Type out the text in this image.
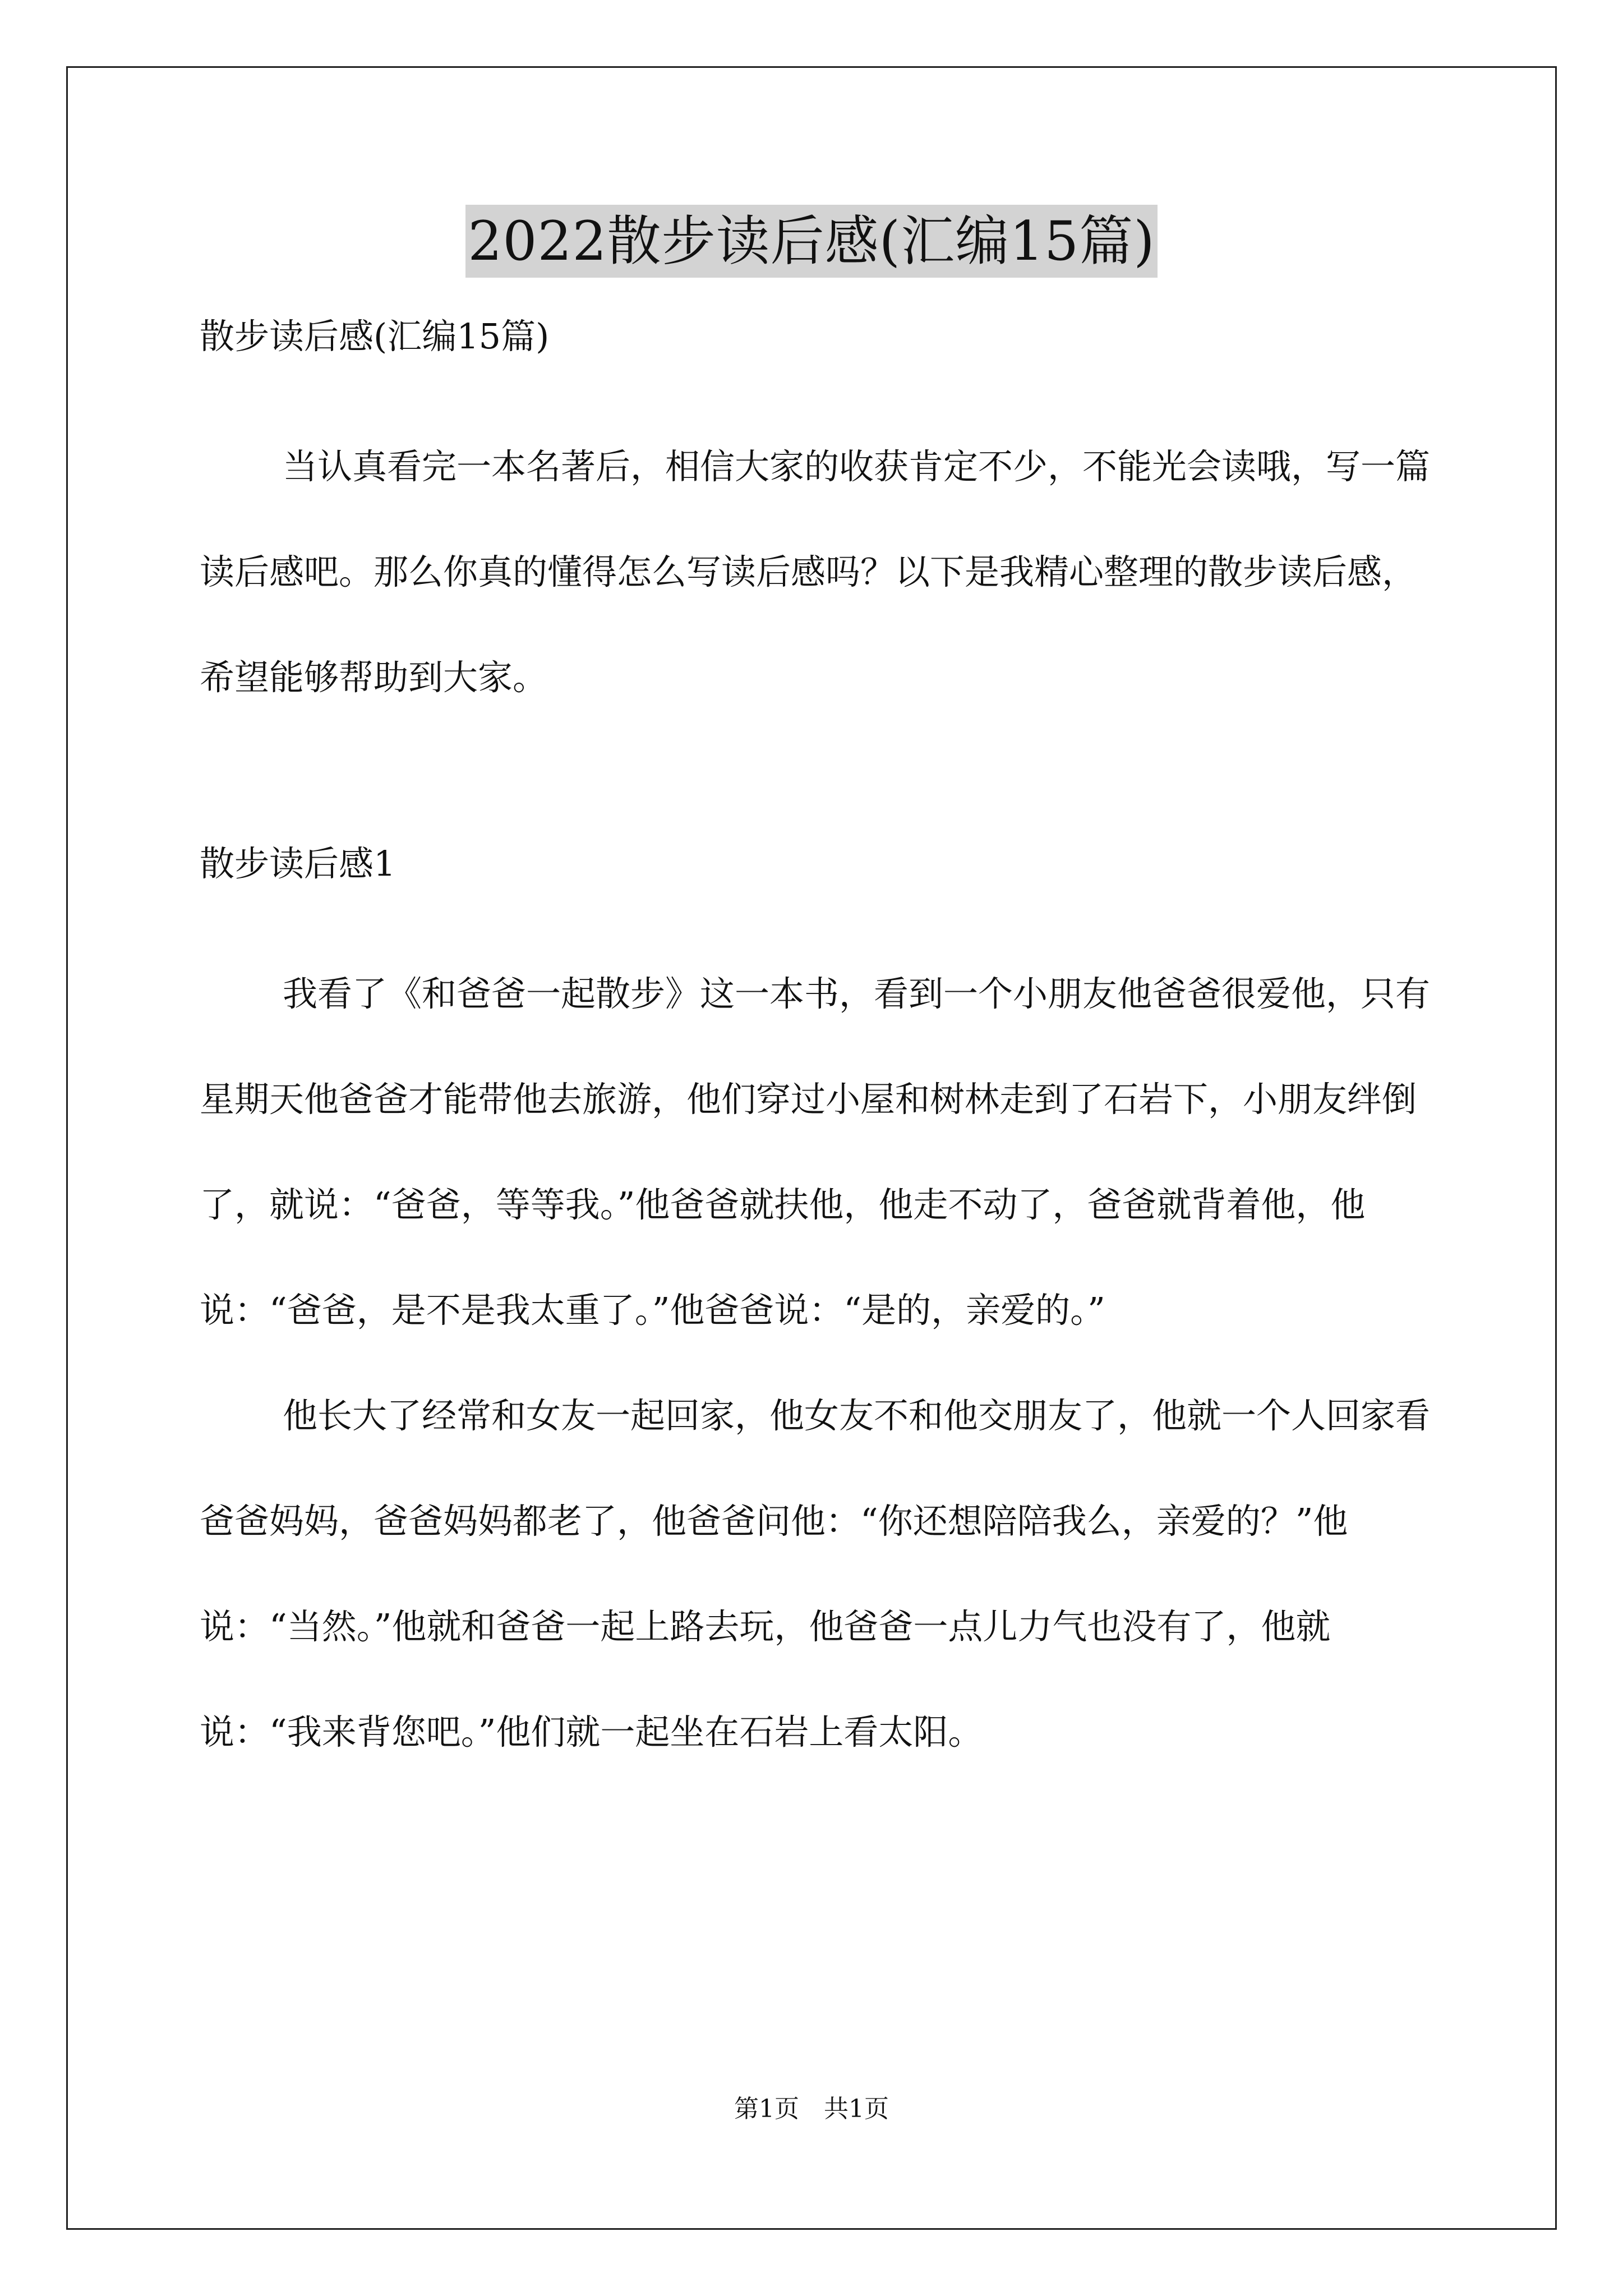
2022散步读后感(汇编15篇)

散步读后感(汇编15篇)

当认真看完一本名著后，相信大家的收获肯定不少，不能光会读哦，写一篇读后感吧。那么你真的懂得怎么写读后感吗？以下是我精心整理的散步读后感，希望能够帮助到大家。

散步读后感1

我看了《和爸爸一起散步》这一本书，看到一个小朋友他爸爸很爱他，只有星期天他爸爸才能带他去旅游，他们穿过小屋和树林走到了石岩下，小朋友绊倒了，就说：“爸爸，等等我。”他爸爸就扶他，他走不动了，爸爸就背着他，他说：“爸爸，是不是我太重了。”他爸爸说：“是的，亲爱的。”

他长大了经常和女友一起回家，他女友不和他交朋友了，他就一个人回家看爸爸妈妈，爸爸妈妈都老了，他爸爸问他：“你还想陪陪我么，亲爱的？”他说：“当然。”他就和爸爸一起上路去玩，他爸爸一点儿力气也没有了，他就说：“我来背您吧。”他们就一起坐在石岩上看太阳。

第1页　共1页
